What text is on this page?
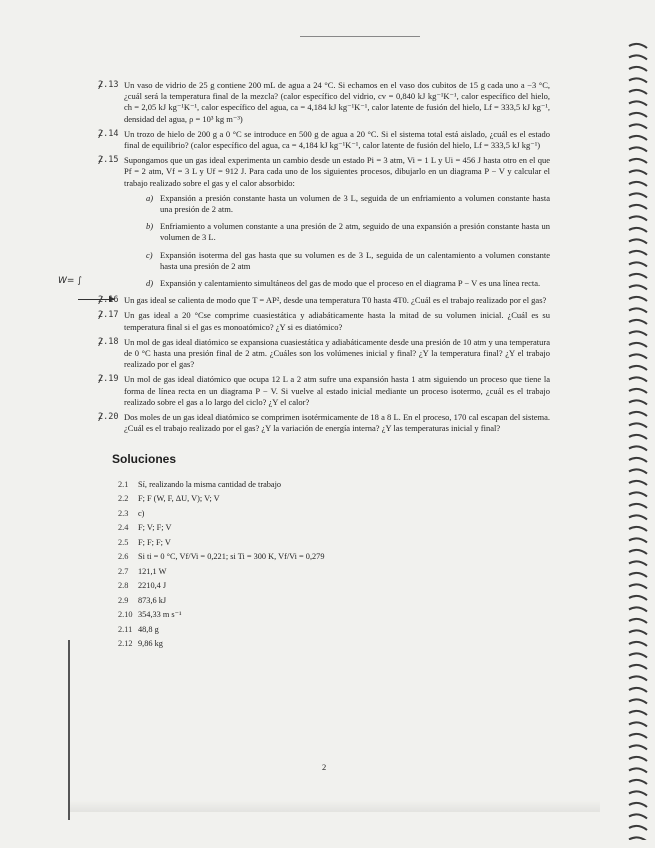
2.13 Un vaso de vidrio de 25 g contiene 200 mL de agua a 24 °C. Si echamos en el vaso dos cubitos de 15 g cada uno a −3 °C, ¿cuál será la temperatura final de la mezcla? (calor específico del vidrio, cv = 0,840 kJ kg⁻¹K⁻¹, calor específico del hielo, ch = 2,05 kJ kg⁻¹K⁻¹, calor específico del agua, ca = 4,184 kJ kg⁻¹K⁻¹, calor latente de fusión del hielo, Lf = 333,5 kJ kg⁻¹, densidad del agua, ρ = 10³ kg m⁻³)
2.14 Un trozo de hielo de 200 g a 0 °C se introduce en 500 g de agua a 20 °C. Si el sistema total está aislado, ¿cuál es el estado final de equilibrio? (calor específico del agua, ca = 4,184 kJ kg⁻¹K⁻¹, calor latente de fusión del hielo, Lf = 333,5 kJ kg⁻¹)
2.15 Supongamos que un gas ideal experimenta un cambio desde un estado Pi = 3 atm, Vi = 1 L y Ui = 456 J hasta otro en el que Pf = 2 atm, Vf = 3 L y Uf = 912 J. Para cada uno de los siguientes procesos, dibujarlo en un diagrama P − V y calcular el trabajo realizado sobre el gas y el calor absorbido:
a) Expansión a presión constante hasta un volumen de 3 L, seguida de un enfriamiento a volumen constante hasta una presión de 2 atm.
b) Enfriamiento a volumen constante a una presión de 2 atm, seguido de una expansión a presión constante hasta un volumen de 3 L.
c) Expansión isoterma del gas hasta que su volumen es de 3 L, seguida de un calentamiento a volumen constante hasta una presión de 2 atm
W= ∫	d) Expansión y calentamiento simultáneos del gas de modo que el proceso en el diagrama P − V es una línea recta.
2.16 Un gas ideal se calienta de modo que T = AP², desde una temperatura T0 hasta 4T0. ¿Cuál es el trabajo realizado por el gas?
2.17 Un gas ideal a 20 °Cse comprime cuasiestática y adiabáticamente hasta la mitad de su volumen inicial. ¿Cuál es su temperatura final si el gas es monoatómico? ¿Y si es diatómico?
2.18 Un mol de gas ideal diatómico se expansiona cuasiestática y adiabáticamente desde una presión de 10 atm y una temperatura de 0 °C hasta una presión final de 2 atm. ¿Cuáles son los volúmenes inicial y final? ¿Y la temperatura final? ¿Y el trabajo realizado por el gas?
2.19 Un mol de gas ideal diatómico que ocupa 12 L a 2 atm sufre una expansión hasta 1 atm siguiendo un proceso que tiene la forma de línea recta en un diagrama P − V. Si vuelve al estado inicial mediante un proceso isotermo, ¿cuál es el trabajo realizado sobre el gas a lo largo del ciclo? ¿Y el calor?
2.20 Dos moles de un gas ideal diatómico se comprimen isotérmicamente de 18 a 8 L. En el proceso, 170 cal escapan del sistema. ¿Cuál es el trabajo realizado por el gas? ¿Y la variación de energía interna? ¿Y las temperaturas inicial y final?
Soluciones
2.1	Sí, realizando la misma cantidad de trabajo
2.2	F; F (W, F, ΔU, V); V; V
2.3	c)
2.4	F; V; F; V
2.5	F; F; F; V
2.6	Si ti = 0 °C, Vf/Vi = 0,221; si Ti = 300 K, Vf/Vi = 0,279
2.7	121,1 W
2.8	2210,4 J
2.9	873,6 kJ
2.10 354,33 m s⁻¹
2.11 48,8 g
2.12 9,86 kg
2
